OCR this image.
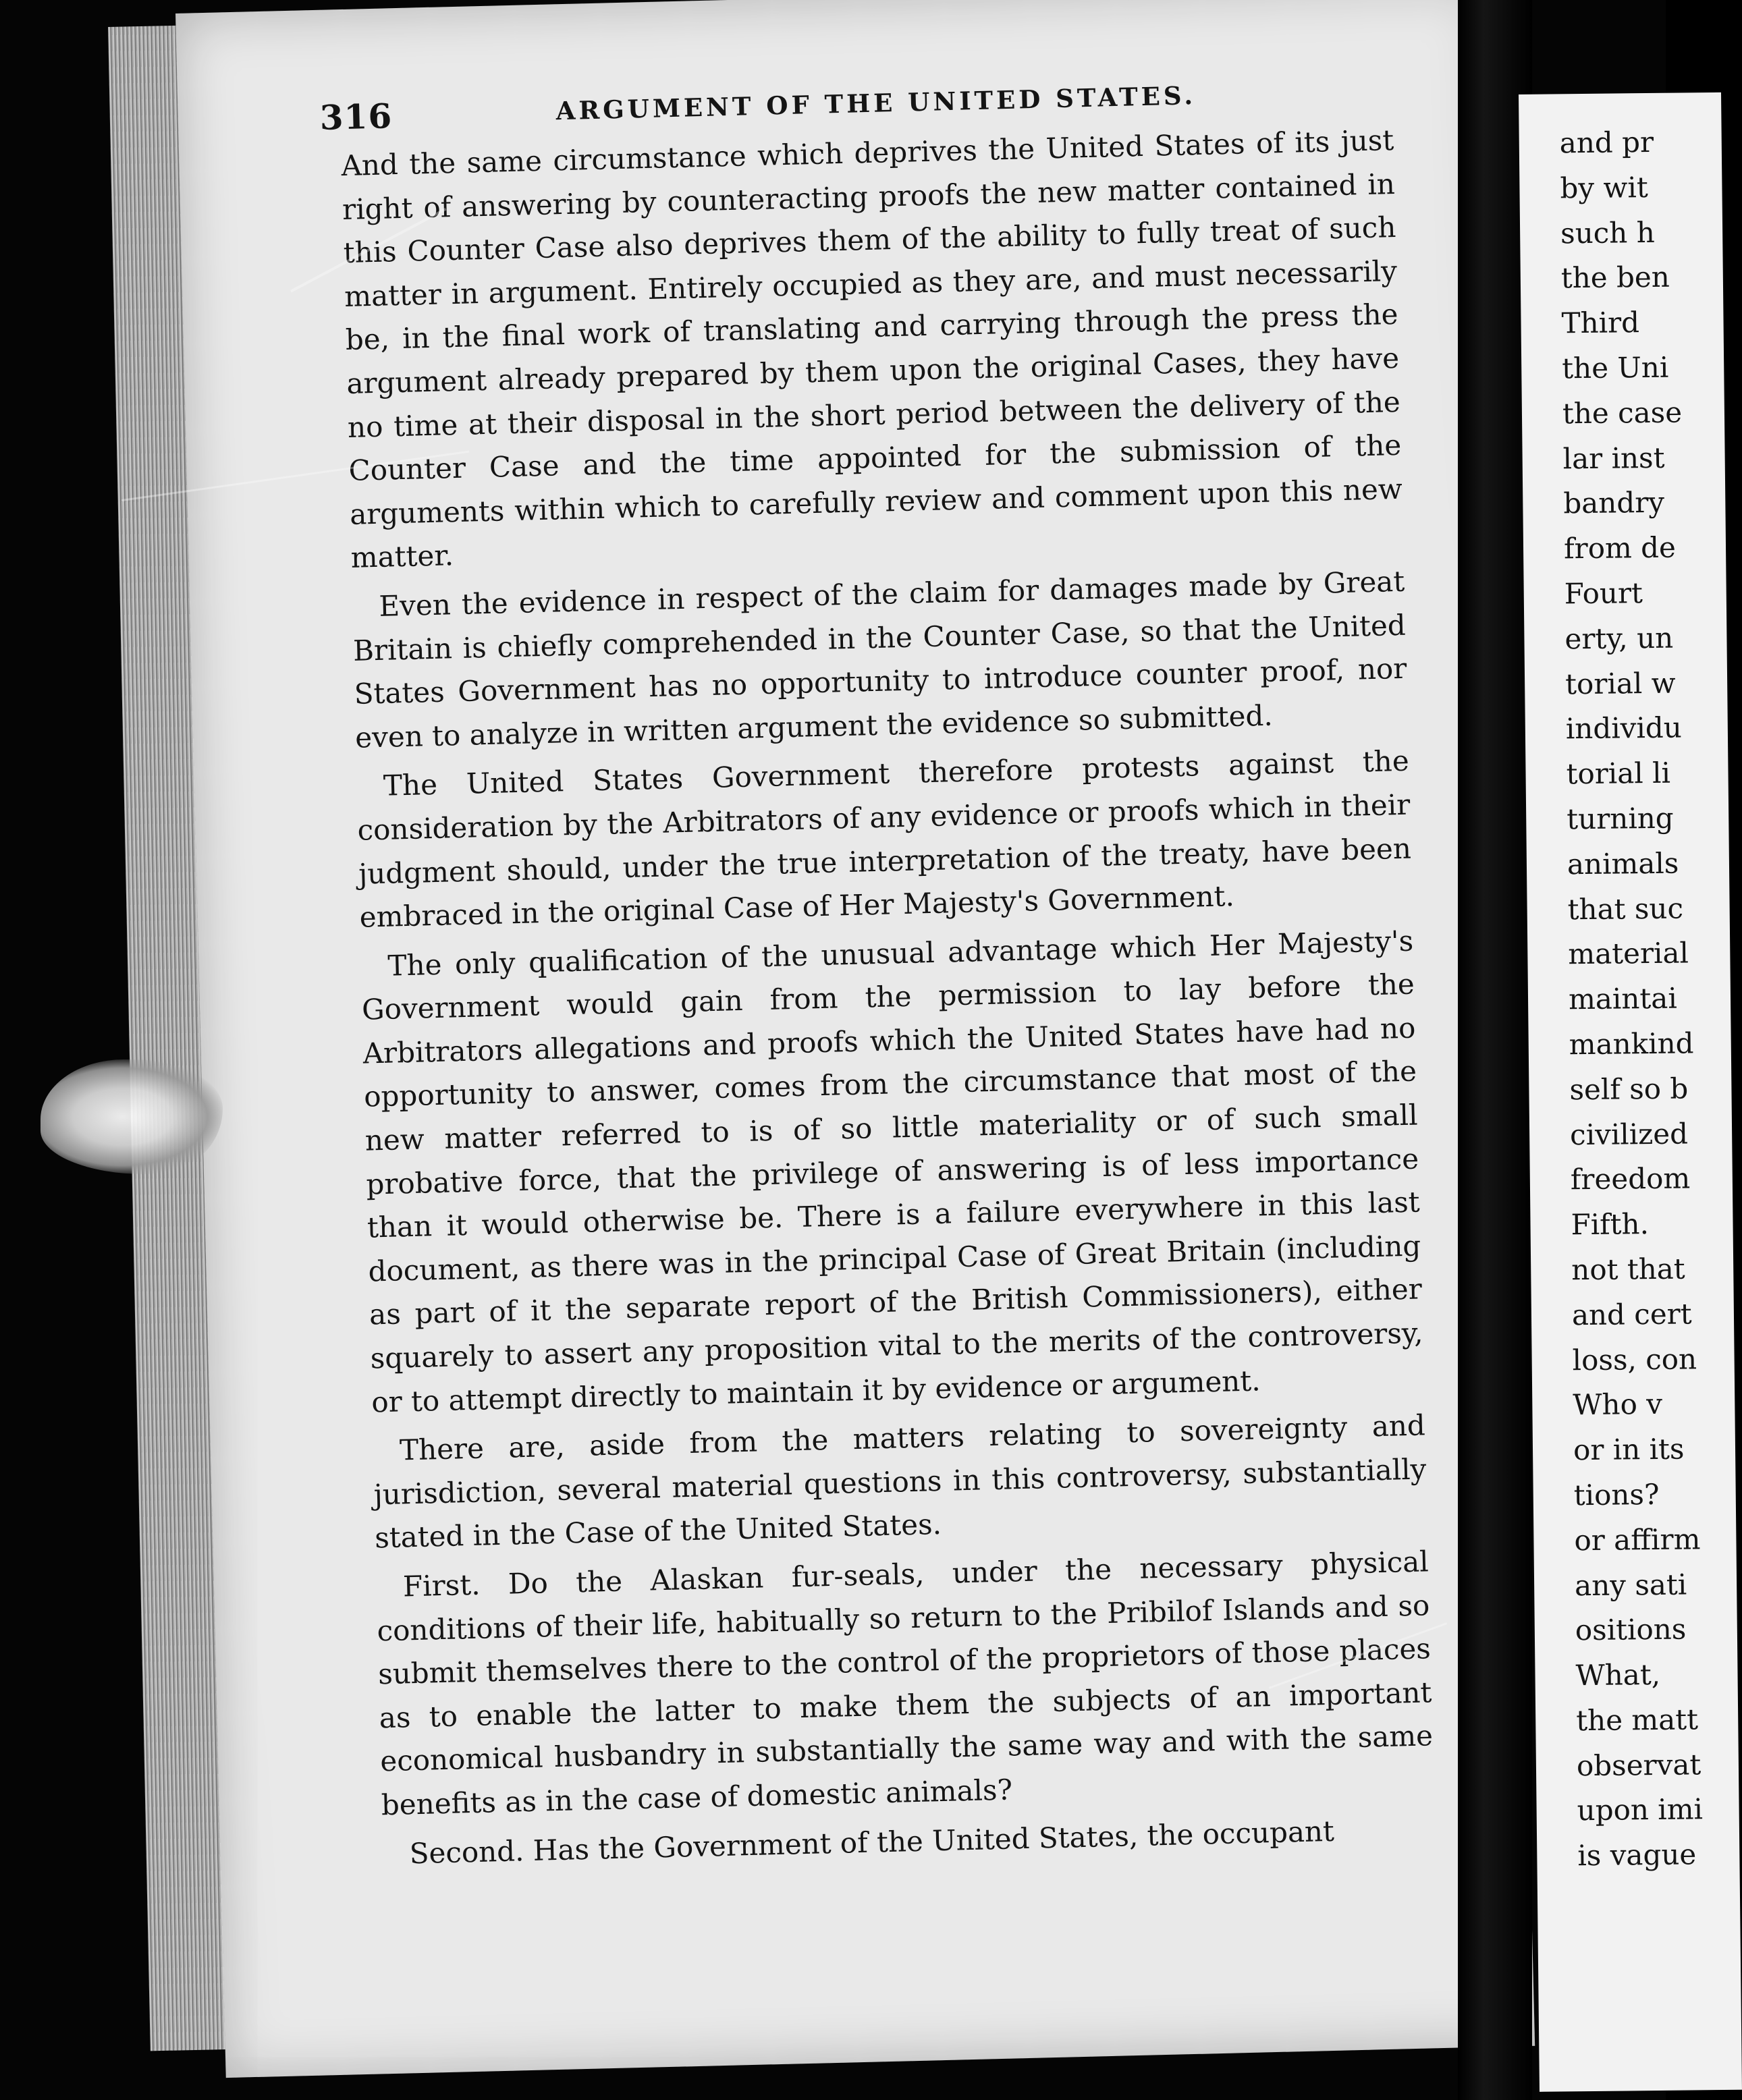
316	ARGUMENT OF THE UNITED STATES.

And the same circumstance which deprives the United States of its just right of answering by counteracting proofs the new matter contained in this Counter Case also deprives them of the ability to fully treat of such matter in argument. Entirely occupied as they are, and must necessarily be, in the final work of translating and carrying through the press the argument already prepared by them upon the original Cases, they have no time at their disposal in the short period between the delivery of the Counter Case and the time appointed for the submission of the arguments within which to carefully review and comment upon this new matter.

Even the evidence in respect of the claim for damages made by Great Britain is chiefly comprehended in the Counter Case, so that the United States Government has no opportunity to introduce counter proof, nor even to analyze in written argument the evidence so submitted.

The United States Government therefore protests against the consideration by the Arbitrators of any evidence or proofs which in their judgment should, under the true interpretation of the treaty, have been embraced in the original Case of Her Majesty's Government.

The only qualification of the unusual advantage which Her Majesty's Government would gain from the permission to lay before the Arbitrators allegations and proofs which the United States have had no opportunity to answer, comes from the circumstance that most of the new matter referred to is of so little materiality or of such small probative force, that the privilege of answering is of less importance than it would otherwise be. There is a failure everywhere in this last document, as there was in the principal Case of Great Britain (including as part of it the separate report of the British Commissioners), either squarely to assert any proposition vital to the merits of the controversy, or to attempt directly to maintain it by evidence or argument.

There are, aside from the matters relating to sovereignty and jurisdiction, several material questions in this controversy, substantially stated in the Case of the United States.

First. Do the Alaskan fur-seals, under the necessary physical conditions of their life, habitually so return to the Pribilof Islands and so submit themselves there to the control of the proprietors of those places as to enable the latter to make them the subjects of an important economical husbandry in substantially the same way and with the same benefits as in the case of domestic animals?

Second. Has the Government of the United States, the occupant

and pr
by wit
such h
the ben
Third
the Uni
the case
lar inst
bandry
from de
Fourt
erty, un
torial w
individu
torial li
turning
animals
that suc
material
maintai
mankind
self so b
civilized
freedom
Fifth.
not that
and cert
loss, con
Who v
or in its
tions?
or affirm
any sati
ositions
What,
the matt
observat
upon imi
is vague
